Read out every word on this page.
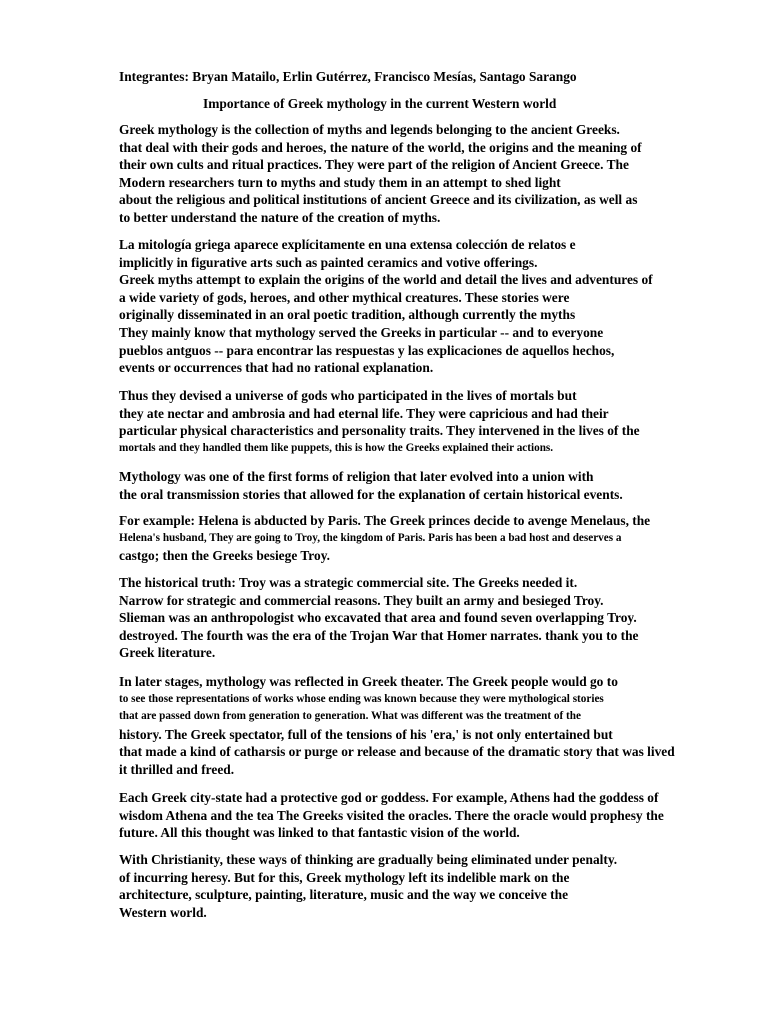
Integrantes: Bryan Matailo, Erlin Gutérrez, Francisco Mesías, Santago Sarango
Importance of Greek mythology in the current Western world
Greek mythology is the collection of myths and legends belonging to the ancient Greeks.
that deal with their gods and heroes, the nature of the world, the origins and the meaning of
their own cults and ritual practices. They were part of the religion of Ancient Greece. The
Modern researchers turn to myths and study them in an attempt to shed light
about the religious and political institutions of ancient Greece and its civilization, as well as
to better understand the nature of the creation of myths.
La mitología griega aparece explícitamente en una extensa colección de relatos e
implicitly in figurative arts such as painted ceramics and votive offerings.
Greek myths attempt to explain the origins of the world and detail the lives and adventures of
a wide variety of gods, heroes, and other mythical creatures. These stories were
originally disseminated in an oral poetic tradition, although currently the myths
They mainly know that mythology served the Greeks in particular -- and to everyone
pueblos antguos -- para encontrar las respuestas y las explicaciones de aquellos hechos,
events or occurrences that had no rational explanation.
Thus they devised a universe of gods who participated in the lives of mortals but
they ate nectar and ambrosia and had eternal life. They were capricious and had their
particular physical characteristics and personality traits. They intervened in the lives of the
mortals and they handled them like puppets, this is how the Greeks explained their actions.
Mythology was one of the first forms of religion that later evolved into a union with
the oral transmission stories that allowed for the explanation of certain historical events.
For example: Helena is abducted by Paris. The Greek princes decide to avenge Menelaus, the
Helena's husband, They are going to Troy, the kingdom of Paris. Paris has been a bad host and deserves a
castgo; then the Greeks besiege Troy.
The historical truth: Troy was a strategic commercial site. The Greeks needed it.
Narrow for strategic and commercial reasons. They built an army and besieged Troy.
Slieman was an anthropologist who excavated that area and found seven overlapping Troy.
destroyed. The fourth was the era of the Trojan War that Homer narrates. thank you to the
Greek literature.
In later stages, mythology was reflected in Greek theater. The Greek people would go to
to see those representations of works whose ending was known because they were mythological stories
that are passed down from generation to generation. What was different was the treatment of the
history. The Greek spectator, full of the tensions of his 'era,' is not only entertained but
that made a kind of catharsis or purge or release and because of the dramatic story that was lived
it thrilled and freed.
Each Greek city-state had a protective god or goddess. For example, Athens had the goddess of
wisdom Athena and the tea The Greeks visited the oracles. There the oracle would prophesy the
future. All this thought was linked to that fantastic vision of the world.
With Christianity, these ways of thinking are gradually being eliminated under penalty.
of incurring heresy. But for this, Greek mythology left its indelible mark on the
architecture, sculpture, painting, literature, music and the way we conceive the
Western world.
